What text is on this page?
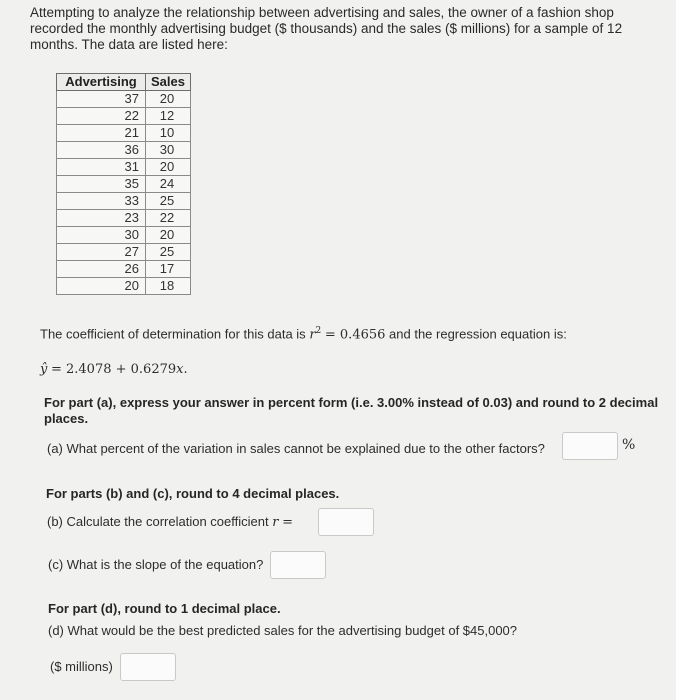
Attempting to analyze the relationship between advertising and sales, the owner of a fashion shop recorded the monthly advertising budget ($ thousands) and the sales ($ millions) for a sample of 12 months. The data are listed here:
Advertising	Sales
37	20
22	12
21	10
36	30
31	20
35	24
33	25
23	22
30	20
27	25
26	17
20	18
The coefficient of determination for this data is $r^2 = 0.4656$ and the regression equation is:
ŷ = 2.4078 + 0.6279x.
For part (a), express your answer in percent form (i.e. 3.00% instead of 0.03) and round to 2 decimal places.
(a) What percent of the variation in sales cannot be explained due to the other factors?	%
For parts (b) and (c), round to 4 decimal places.
(b) Calculate the correlation coefficient r =
(c) What is the slope of the equation?
For part (d), round to 1 decimal place.
(d) What would be the best predicted sales for the advertising budget of $45,000?
($ millions)
